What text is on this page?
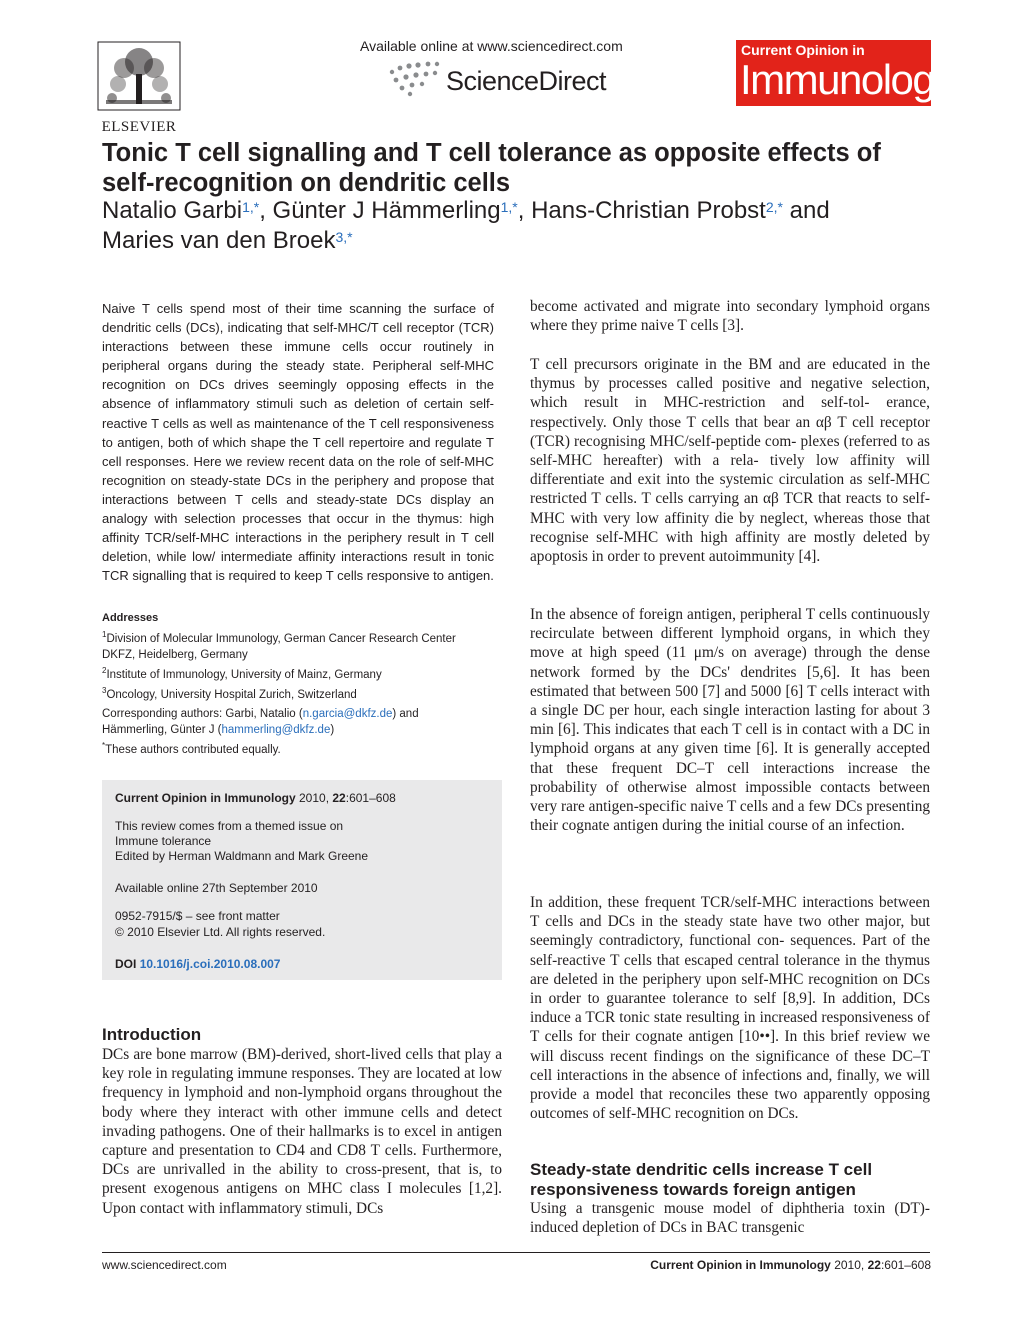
ELSEVIER
Available online at www.sciencedirect.com
ScienceDirect
Current Opinion in
Immunology
Tonic T cell signalling and T cell tolerance as opposite effects of self-recognition on dendritic cells
Natalio Garbi$^{1,*}$, Günter J Hämmerling$^{1,*}$, Hans-Christian Probst$^{2,*}$ and
Maries van den Broek$^{3,*}$
Naive T cells spend most of their time scanning the surface of dendritic cells (DCs), indicating that self-MHC/T cell receptor (TCR) interactions between these immune cells occur routinely in peripheral organs during the steady state. Peripheral self-MHC recognition on DCs drives seemingly opposing effects in the absence of inflammatory stimuli such as deletion of certain self-reactive T cells as well as maintenance of the T cell responsiveness to antigen, both of which shape the T cell repertoire and regulate T cell responses. Here we review recent data on the role of self-MHC recognition on steady-state DCs in the periphery and propose that interactions between T cells and steady-state DCs display an analogy with selection processes that occur in the thymus: high affinity TCR/self-MHC interactions in the periphery result in T cell deletion, while low/ intermediate affinity interactions result in tonic TCR signalling that is required to keep T cells responsive to antigen.
Addresses
$^1$Division of Molecular Immunology, German Cancer Research Center
DKFZ, Heidelberg, Germany
$^2$Institute of Immunology, University of Mainz, Germany
$^3$Oncology, University Hospital Zurich, Switzerland
Corresponding authors: Garbi, Natalio (n.garcia@dkfz.de) and
Hämmerling, Günter J (hammerling@dkfz.de)
*These authors contributed equally.
Current Opinion in Immunology 2010, 22:601–608
This review comes from a themed issue on
Immune tolerance
Edited by Herman Waldmann and Mark Greene
Available online 27th September 2010
0952-7915/$ – see front matter
© 2010 Elsevier Ltd. All rights reserved.
DOI 10.1016/j.coi.2010.08.007
Introduction
DCs are bone marrow (BM)-derived, short-lived cells that play a key role in regulating immune responses. They are located at low frequency in lymphoid and non-lymphoid organs throughout the body where they interact with other immune cells and detect invading pathogens. One of their hallmarks is to excel in antigen capture and presentation to CD4 and CD8 T cells. Furthermore, DCs are unrivalled in the ability to cross-present, that is, to present exogenous antigens on MHC class I molecules [1,2]. Upon contact with inflammatory stimuli, DCs
become activated and migrate into secondary lymphoid organs where they prime naive T cells [3].
T cell precursors originate in the BM and are educated in the thymus by processes called positive and negative selection, which result in MHC-restriction and self-tol- erance, respectively. Only those T cells that bear an αβ T cell receptor (TCR) recognising MHC/self-peptide com- plexes (referred to as self-MHC hereafter) with a rela- tively low affinity will differentiate and exit into the systemic circulation as self-MHC restricted T cells. T cells carrying an αβ TCR that reacts to self-MHC with very low affinity die by neglect, whereas those that recognise self-MHC with high affinity are mostly deleted by apoptosis in order to prevent autoimmunity [4].
In the absence of foreign antigen, peripheral T cells continuously recirculate between different lymphoid organs, in which they move at high speed (11 μm/s on average) through the dense network formed by the DCs' dendrites [5,6]. It has been estimated that between 500 [7] and 5000 [6] T cells interact with a single DC per hour, each single interaction lasting for about 3 min [6]. This indicates that each T cell is in contact with a DC in lymphoid organs at any given time [6]. It is generally accepted that these frequent DC–T cell interactions increase the probability of otherwise almost impossible contacts between very rare antigen-specific naive T cells and a few DCs presenting their cognate antigen during the initial course of an infection.
In addition, these frequent TCR/self-MHC interactions between T cells and DCs in the steady state have two other major, but seemingly contradictory, functional con- sequences. Part of the self-reactive T cells that escaped central tolerance in the thymus are deleted in the periphery upon self-MHC recognition on DCs in order to guarantee tolerance to self [8,9]. In addition, DCs induce a TCR tonic state resulting in increased responsiveness of T cells for their cognate antigen [10••]. In this brief review we will discuss recent findings on the significance of these DC–T cell interactions in the absence of infections and, finally, we will provide a model that reconciles these two apparently opposing outcomes of self-MHC recognition on DCs.
Steady-state dendritic cells increase T cell responsiveness towards foreign antigen
Using a transgenic mouse model of diphtheria toxin (DT)-induced depletion of DCs in BAC transgenic
www.sciencedirect.com	Current Opinion in Immunology 2010, 22:601–608
